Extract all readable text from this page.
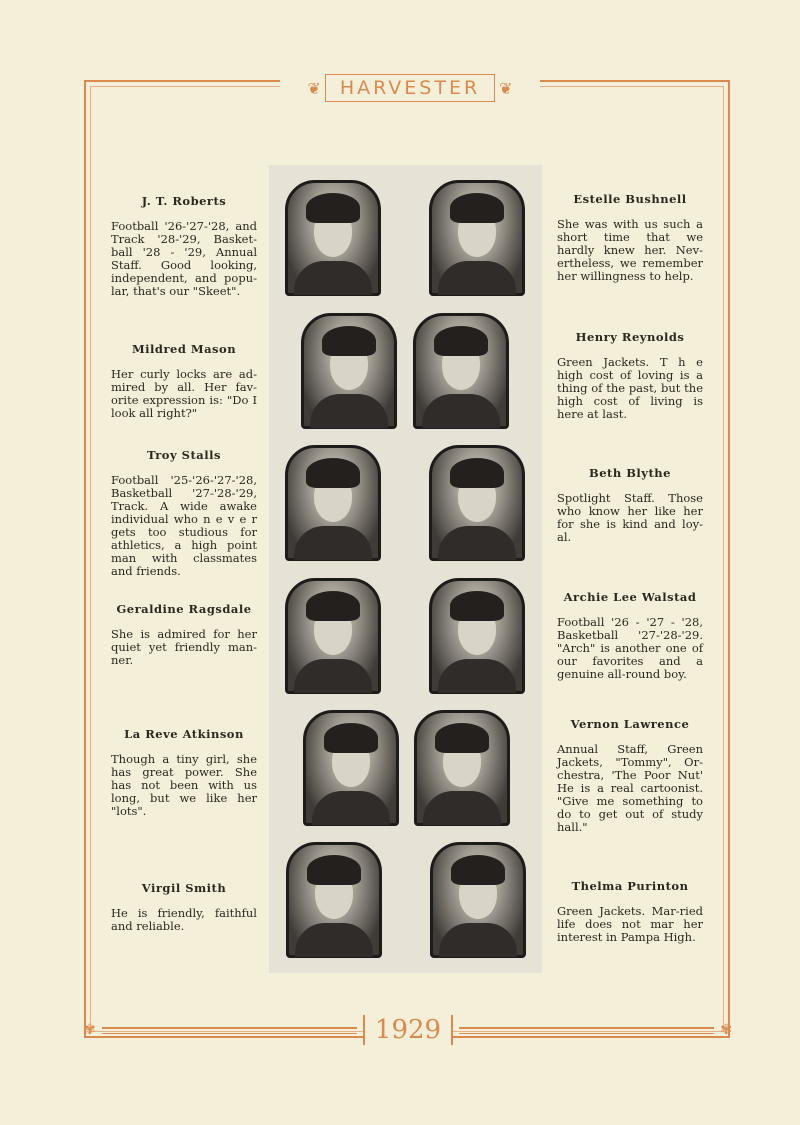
❦	HARVESTER	❦
J. T. Roberts
Football '26-'27-'28, and Track '28-'29, Basket-ball '28 - '29, Annual Staff. Good looking, independent, and popu-lar, that's our "Skeet".
Mildred Mason
Her curly locks are ad-mired by all. Her fav-orite expression is: "Do I look all right?"
Troy Stalls
Football '25-'26-'27-'28, Basketball '27-'28-'29, Track. A wide awake individual who n e v e r gets too studious for athletics, a high point man with classmates and friends.
Geraldine Ragsdale
She is admired for her quiet yet friendly man-ner.
La Reve Atkinson
Though a tiny girl, she has great power. She has not been with us long, but we like her "lots".
Virgil Smith
He is friendly, faithful and reliable.
Estelle Bushnell
She was with us such a short time that we hardly knew her. Nev-ertheless, we remember her willingness to help.
Henry Reynolds
Green Jackets. T h e high cost of loving is a thing of the past, but the high cost of living is here at last.
Beth Blythe
Spotlight Staff. Those who know her like her for she is kind and loy-al.
Archie Lee Walstad
Football '26 - '27 - '28, Basketball '27-'28-'29. "Arch" is another one of our favorites and a genuine all-round boy.
Vernon Lawrence
Annual Staff, Green Jackets, "Tommy", Or-chestra, 'The Poor Nut' He is a real cartoonist. "Give me something to do to get out of study hall."
Thelma Purinton
Green Jackets. Mar-ried life does not mar her interest in Pampa High.
✾	1929	✾
